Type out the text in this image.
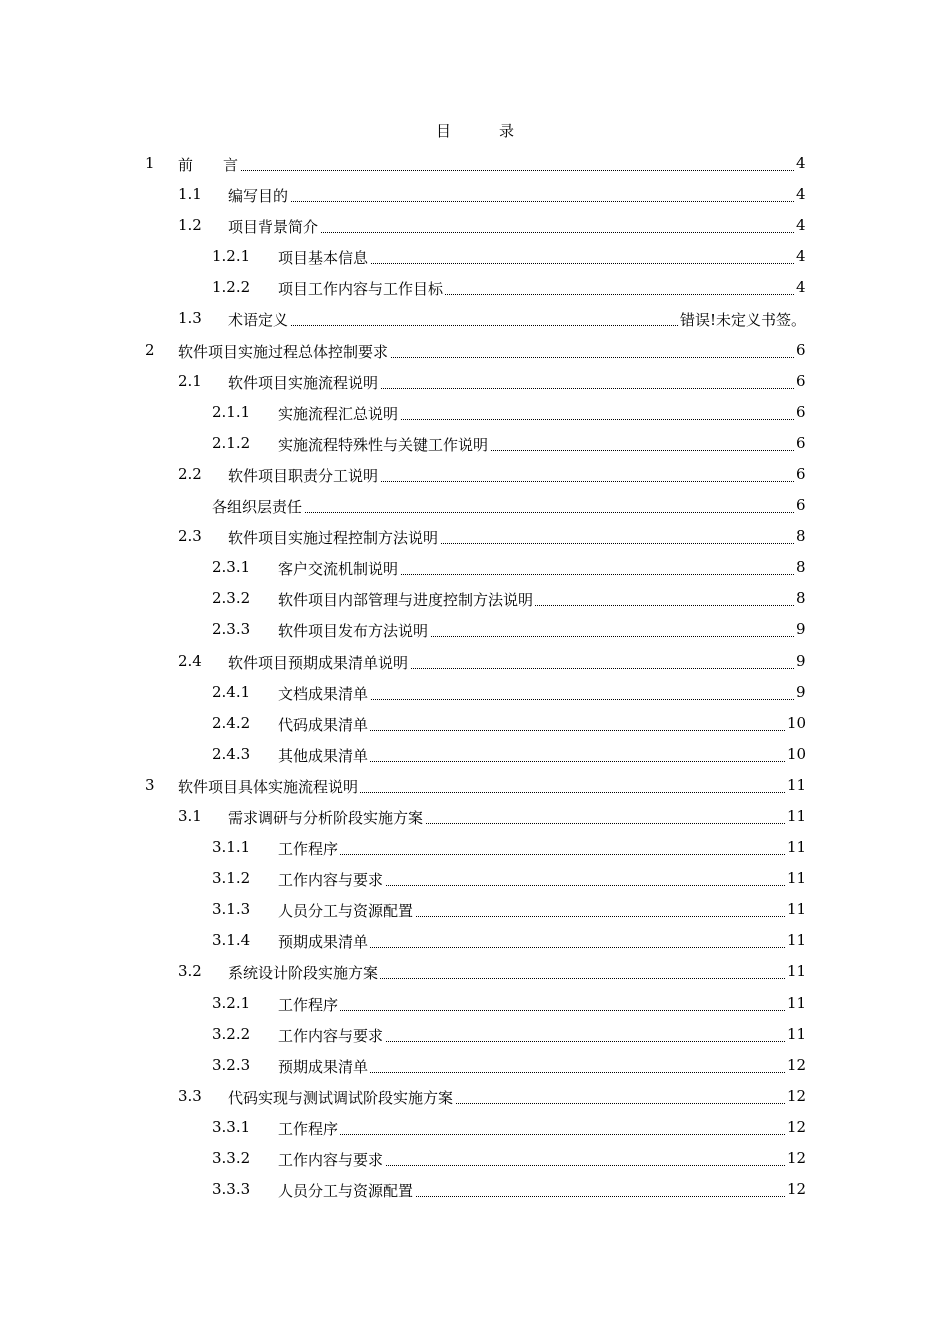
目	录
1 前　　言	4
1.1 编写目的	4
1.2 项目背景简介	4
1.2.1 项目基本信息	4
1.2.2 项目工作内容与工作目标	4
1.3 术语定义	错误!未定义书签。
2 软件项目实施过程总体控制要求	6
2.1 软件项目实施流程说明	6
2.1.1 实施流程汇总说明	6
2.1.2 实施流程特殊性与关键工作说明	6
2.2 软件项目职责分工说明	6
各组织层责任	6
2.3 软件项目实施过程控制方法说明	8
2.3.1 客户交流机制说明	8
2.3.2 软件项目内部管理与进度控制方法说明	8
2.3.3 软件项目发布方法说明	9
2.4 软件项目预期成果清单说明	9
2.4.1 文档成果清单	9
2.4.2 代码成果清单	10
2.4.3 其他成果清单	10
3 软件项目具体实施流程说明	11
3.1 需求调研与分析阶段实施方案	11
3.1.1 工作程序	11
3.1.2 工作内容与要求	11
3.1.3 人员分工与资源配置	11
3.1.4 预期成果清单	11
3.2 系统设计阶段实施方案	11
3.2.1 工作程序	11
3.2.2 工作内容与要求	11
3.2.3 预期成果清单	12
3.3 代码实现与测试调试阶段实施方案	12
3.3.1 工作程序	12
3.3.2 工作内容与要求	12
3.3.3 人员分工与资源配置	12
